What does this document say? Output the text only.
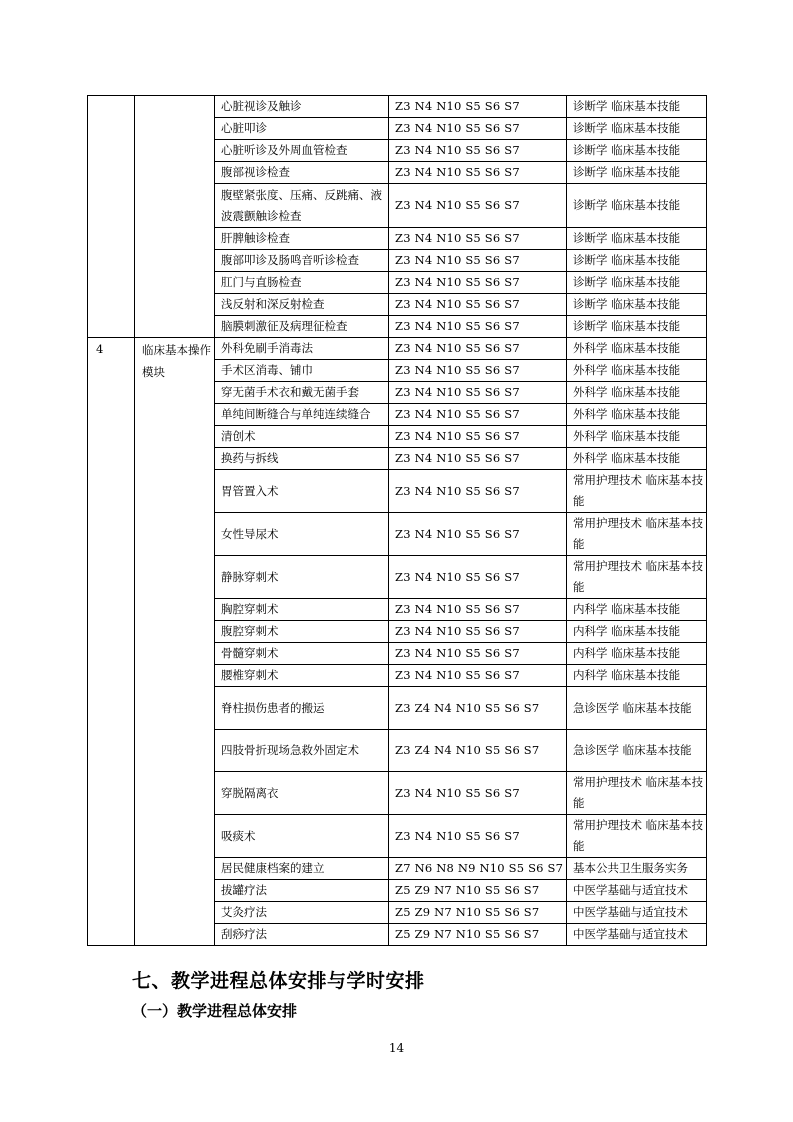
		心脏视诊及触诊	Z3 N4 N10 S5 S6 S7	诊断学 临床基本技能
		心脏叩诊	Z3 N4 N10 S5 S6 S7	诊断学 临床基本技能
		心脏听诊及外周血管检查	Z3 N4 N10 S5 S6 S7	诊断学 临床基本技能
		腹部视诊检查	Z3 N4 N10 S5 S6 S7	诊断学 临床基本技能
		腹壁紧张度、压痛、反跳痛、液波震颤触诊检查	Z3 N4 N10 S5 S6 S7	诊断学 临床基本技能
		肝脾触诊检查	Z3 N4 N10 S5 S6 S7	诊断学 临床基本技能
		腹部叩诊及肠鸣音听诊检查	Z3 N4 N10 S5 S6 S7	诊断学 临床基本技能
		肛门与直肠检查	Z3 N4 N10 S5 S6 S7	诊断学 临床基本技能
		浅反射和深反射检查	Z3 N4 N10 S5 S6 S7	诊断学 临床基本技能
		脑膜刺激征及病理征检查	Z3 N4 N10 S5 S6 S7	诊断学 临床基本技能
4	临床基本操作模块	外科免刷手消毒法	Z3 N4 N10 S5 S6 S7	外科学 临床基本技能
		手术区消毒、铺巾	Z3 N4 N10 S5 S6 S7	外科学 临床基本技能
		穿无菌手术衣和戴无菌手套	Z3 N4 N10 S5 S6 S7	外科学 临床基本技能
		单纯间断缝合与单纯连续缝合	Z3 N4 N10 S5 S6 S7	外科学 临床基本技能
		清创术	Z3 N4 N10 S5 S6 S7	外科学 临床基本技能
		换药与拆线	Z3 N4 N10 S5 S6 S7	外科学 临床基本技能
		胃管置入术	Z3 N4 N10 S5 S6 S7	常用护理技术 临床基本技能
		女性导尿术	Z3 N4 N10 S5 S6 S7	常用护理技术 临床基本技能
		静脉穿刺术	Z3 N4 N10 S5 S6 S7	常用护理技术 临床基本技能
		胸腔穿刺术	Z3 N4 N10 S5 S6 S7	内科学 临床基本技能
		腹腔穿刺术	Z3 N4 N10 S5 S6 S7	内科学 临床基本技能
		骨髓穿刺术	Z3 N4 N10 S5 S6 S7	内科学 临床基本技能
		腰椎穿刺术	Z3 N4 N10 S5 S6 S7	内科学 临床基本技能
		脊柱损伤患者的搬运	Z3 Z4 N4 N10 S5 S6 S7	急诊医学 临床基本技能
		四肢骨折现场急救外固定术	Z3 Z4 N4 N10 S5 S6 S7	急诊医学 临床基本技能
		穿脱隔离衣	Z3 N4 N10 S5 S6 S7	常用护理技术 临床基本技能
		吸痰术	Z3 N4 N10 S5 S6 S7	常用护理技术 临床基本技能
		居民健康档案的建立	Z7 N6 N8 N9 N10 S5 S6 S7	基本公共卫生服务实务
		拔罐疗法	Z5 Z9 N7 N10 S5 S6 S7	中医学基础与适宜技术
		艾灸疗法	Z5 Z9 N7 N10 S5 S6 S7	中医学基础与适宜技术
		刮痧疗法	Z5 Z9 N7 N10 S5 S6 S7	中医学基础与适宜技术
七、教学进程总体安排与学时安排
（一）教学进程总体安排
14
